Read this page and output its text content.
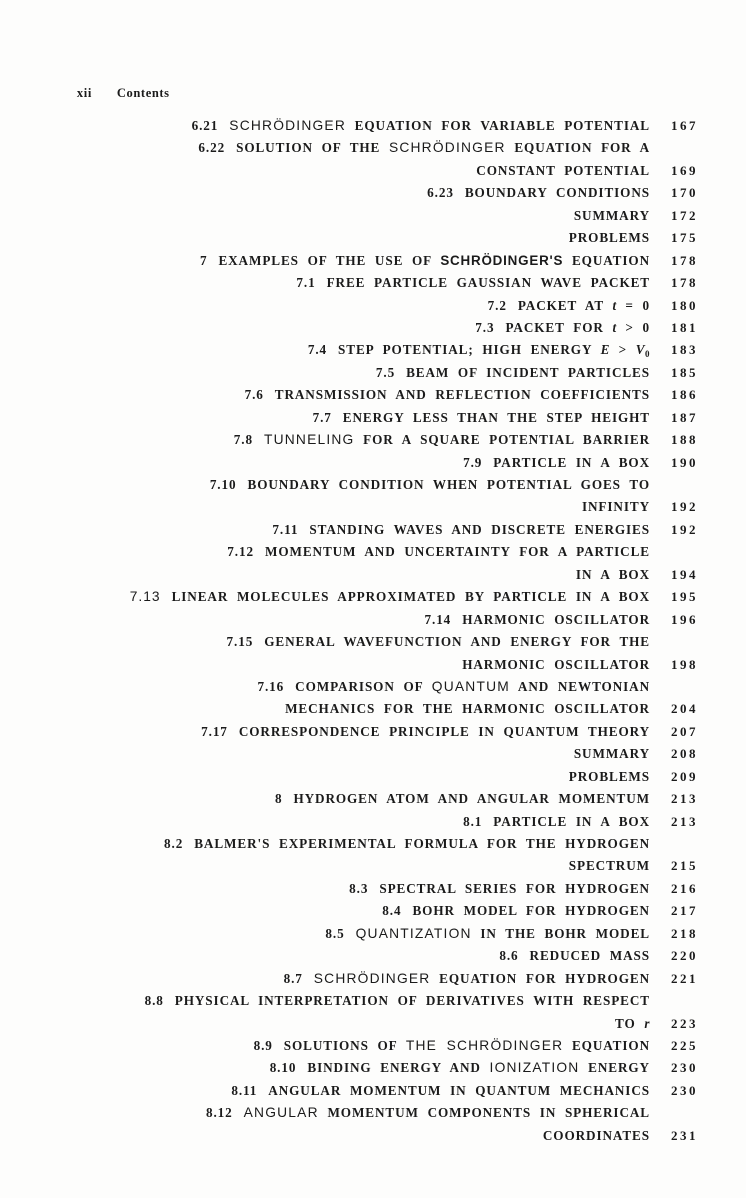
xii Contents

6.21 SCHRÖDINGER EQUATION FOR VARIABLE POTENTIAL	167
6.22 SOLUTION OF THE SCHRÖDINGER EQUATION FOR A
CONSTANT POTENTIAL	169
6.23 BOUNDARY CONDITIONS	170
SUMMARY	172
PROBLEMS	175
7 EXAMPLES OF THE USE OF SCHRÖDINGER'S EQUATION	178
7.1 FREE PARTICLE GAUSSIAN WAVE PACKET	178
7.2 PACKET AT t = 0	180
7.3 PACKET FOR t > 0	181
7.4 STEP POTENTIAL; HIGH ENERGY $E > V_0$	183
7.5 BEAM OF INCIDENT PARTICLES	185
7.6 TRANSMISSION AND REFLECTION COEFFICIENTS	186
7.7 ENERGY LESS THAN THE STEP HEIGHT	187
7.8 TUNNELING FOR A SQUARE POTENTIAL BARRIER	188
7.9 PARTICLE IN A BOX	190
7.10 BOUNDARY CONDITION WHEN POTENTIAL GOES TO
INFINITY	192
7.11 STANDING WAVES AND DISCRETE ENERGIES	192
7.12 MOMENTUM AND UNCERTAINTY FOR A PARTICLE
IN A BOX	194
7.13 LINEAR MOLECULES APPROXIMATED BY PARTICLE IN A BOX	195
7.14 HARMONIC OSCILLATOR	196
7.15 GENERAL WAVEFUNCTION AND ENERGY FOR THE
HARMONIC OSCILLATOR	198
7.16 COMPARISON OF QUANTUM AND NEWTONIAN
MECHANICS FOR THE HARMONIC OSCILLATOR	204
7.17 CORRESPONDENCE PRINCIPLE IN QUANTUM THEORY	207
SUMMARY	208
PROBLEMS	209
8 HYDROGEN ATOM AND ANGULAR MOMENTUM	213
8.1 PARTICLE IN A BOX	213
8.2 BALMER'S EXPERIMENTAL FORMULA FOR THE HYDROGEN
SPECTRUM	215
8.3 SPECTRAL SERIES FOR HYDROGEN	216
8.4 BOHR MODEL FOR HYDROGEN	217
8.5 QUANTIZATION IN THE BOHR MODEL	218
8.6 REDUCED MASS	220
8.7 SCHRÖDINGER EQUATION FOR HYDROGEN	221
8.8 PHYSICAL INTERPRETATION OF DERIVATIVES WITH RESPECT
TO r	223
8.9 SOLUTIONS OF THE SCHRÖDINGER EQUATION	225
8.10 BINDING ENERGY AND IONIZATION ENERGY	230
8.11 ANGULAR MOMENTUM IN QUANTUM MECHANICS	230
8.12 ANGULAR MOMENTUM COMPONENTS IN SPHERICAL
COORDINATES	231
